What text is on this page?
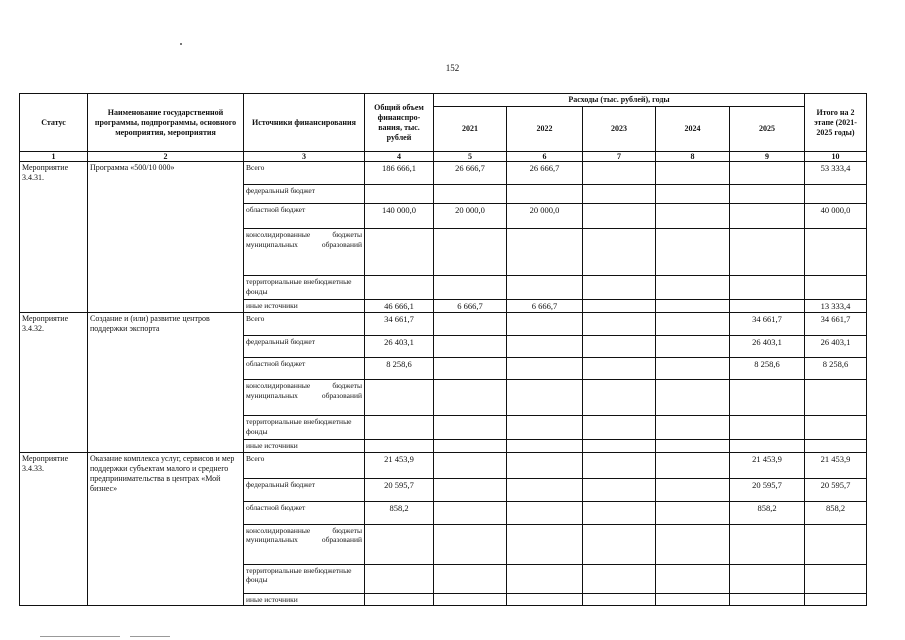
152
Статус	Наименование государственной программы, подпрограммы, основного мероприятия, мероприятия	Источники финансирования	Общий объем финанспро-вания, тыс. рублей	Расходы (тыс. рублей), годы					Итого на 2 этапе (2021-2025 годы)
				2021	2022	2023	2024	2025	
1	2	3	4	5	6	7	8	9	10
Мероприятие 3.4.31.	Программа «500/10 000»	Всего	186 666,1	26 666,7	26 666,7				53 333,4
		федеральный бюджет							
		областной бюджет	140 000,0	20 000,0	20 000,0				40 000,0
		консолидированные бюджеты муниципальных образований							
		территориальные внебюджетные фонды							
		иные источники	46 666,1	6 666,7	6 666,7				13 333,4
Мероприятие 3.4.32.	Создание и (или) развитие центров поддержки экспорта	Всего	34 661,7					34 661,7	34 661,7
		федеральный бюджет	26 403,1					26 403,1	26 403,1
		областной бюджет	8 258,6					8 258,6	8 258,6
		консолидированные бюджеты муниципальных образований							
		территориальные внебюджетные фонды							
		иные источники							
Мероприятие 3.4.33.	Оказание комплекса услуг, сервисов и мер поддержки субъектам малого и среднего предпринимательства в центрах «Мой бизнес»	Всего	21 453,9					21 453,9	21 453,9
		федеральный бюджет	20 595,7					20 595,7	20 595,7
		областной бюджет	858,2					858,2	858,2
		консолидированные бюджеты муниципальных образований							
		территориальные внебюджетные фонды							
		иные источники							
